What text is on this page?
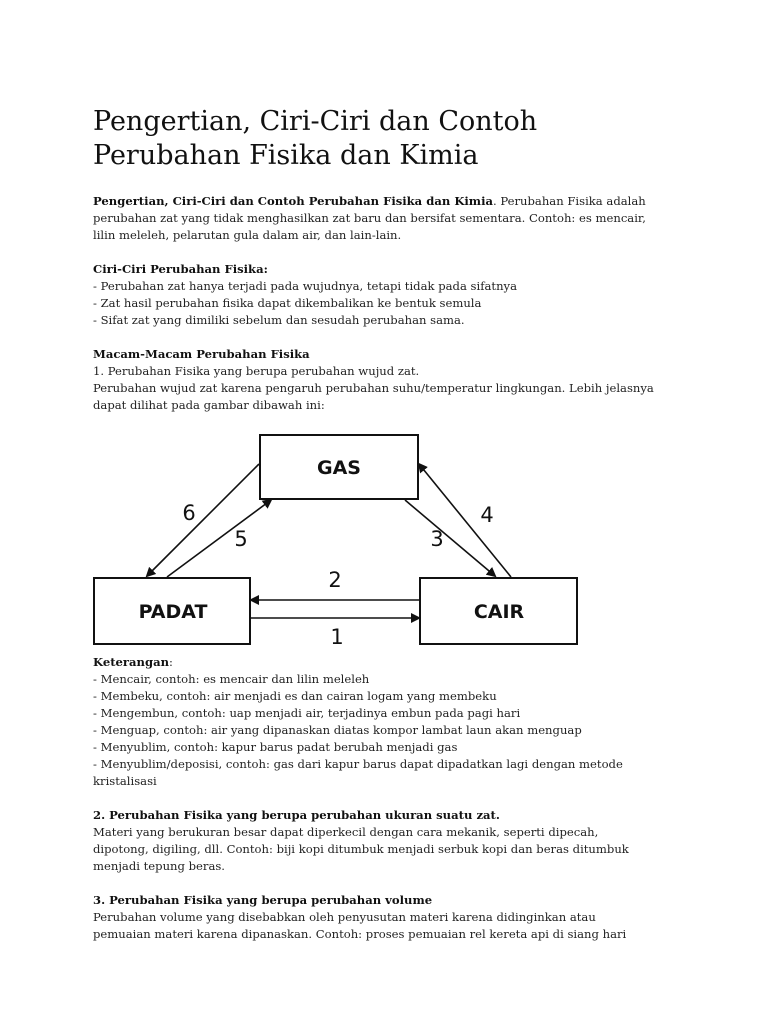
Pengertian, Ciri-Ciri dan Contoh
Perubahan Fisika dan Kimia
Pengertian, Ciri-Ciri dan Contoh Perubahan Fisika dan Kimia. Perubahan Fisika adalah
perubahan zat yang tidak menghasilkan zat baru dan bersifat sementara. Contoh: es mencair,
lilin meleleh, pelarutan gula dalam air, dan lain-lain.
Ciri-Ciri Perubahan Fisika:
- Perubahan zat hanya terjadi pada wujudnya, tetapi tidak pada sifatnya
- Zat hasil perubahan fisika dapat dikembalikan ke bentuk semula
- Sifat zat yang dimiliki sebelum dan sesudah perubahan sama.
Macam-Macam Perubahan Fisika
1. Perubahan Fisika yang berupa perubahan wujud zat.
Perubahan wujud zat karena pengaruh perubahan suhu/temperatur lingkungan. Lebih jelasnya
dapat dilihat pada gambar dibawah ini:
GAS
PADAT	CAIR
1
2
6
5	3
4
Keterangan:
- Mencair, contoh: es mencair dan lilin meleleh
- Membeku, contoh: air menjadi es dan cairan logam yang membeku
- Mengembun, contoh: uap menjadi air, terjadinya embun pada pagi hari
- Menguap, contoh: air yang dipanaskan diatas kompor lambat laun akan menguap
- Menyublim, contoh: kapur barus padat berubah menjadi gas
- Menyublim/deposisi, contoh: gas dari kapur barus dapat dipadatkan lagi dengan metode
kristalisasi
2. Perubahan Fisika yang berupa perubahan ukuran suatu zat.
Materi yang berukuran besar dapat diperkecil dengan cara mekanik, seperti dipecah,
dipotong, digiling, dll. Contoh: biji kopi ditumbuk menjadi serbuk kopi dan beras ditumbuk
menjadi tepung beras.
3. Perubahan Fisika yang berupa perubahan volume
Perubahan volume yang disebabkan oleh penyusutan materi karena didinginkan atau
pemuaian materi karena dipanaskan. Contoh: proses pemuaian rel kereta api di siang hari
